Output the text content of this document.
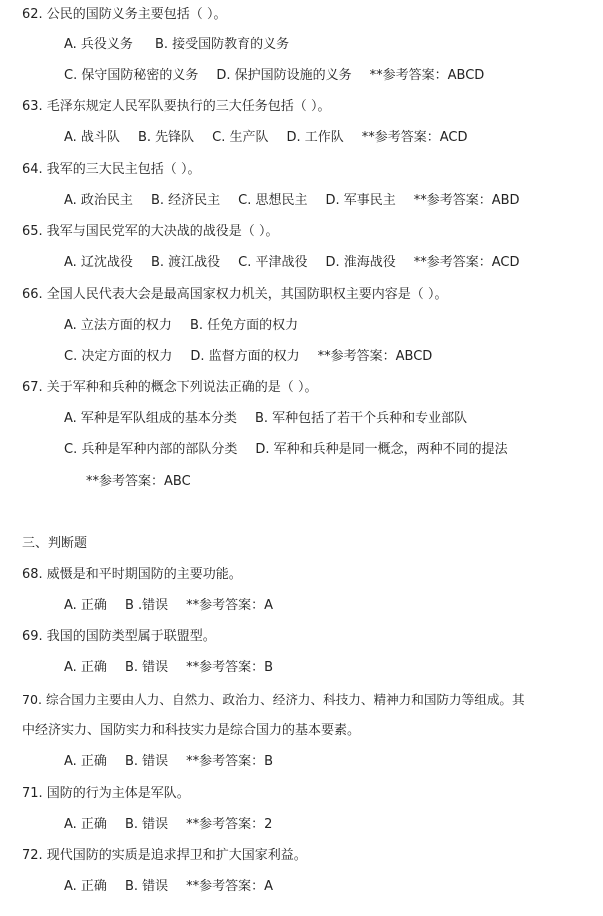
62. 公民的国防义务主要包括（ ）。
A. 兵役义务 B. 接受国防教育的义务
C. 保守国防秘密的义务 D. 保护国防设施的义务 **参考答案：ABCD
63. 毛泽东规定人民军队要执行的三大任务包括（ ）。
A. 战斗队 B. 先锋队 C. 生产队 D. 工作队 **参考答案：ACD
64. 我军的三大民主包括（ ）。
A. 政治民主 B. 经济民主 C. 思想民主 D. 军事民主 **参考答案：ABD
65. 我军与国民党军的大决战的战役是（ ）。
A. 辽沈战役 B. 渡江战役 C. 平津战役 D. 淮海战役 **参考答案：ACD
66. 全国人民代表大会是最高国家权力机关，其国防职权主要内容是（ ）。
A. 立法方面的权力 B. 任免方面的权力
C. 决定方面的权力 D. 监督方面的权力 **参考答案：ABCD
67. 关于军种和兵种的概念下列说法正确的是（ ）。
A. 军种是军队组成的基本分类 B. 军种包括了若干个兵种和专业部队
C. 兵种是军种内部的部队分类 D. 军种和兵种是同一概念，两种不同的提法
**参考答案：ABC
三、判断题
68. 威慑是和平时期国防的主要功能。
A. 正确 B .错误 **参考答案：A
69. 我国的国防类型属于联盟型。
A. 正确 B. 错误 **参考答案：B
70. 综合国力主要由人力、自然力、政治力、经济力、科技力、精神力和国防力等组成。其
中经济实力、国防实力和科技实力是综合国力的基本要素。
A. 正确 B. 错误 **参考答案：B
71. 国防的行为主体是军队。
A. 正确 B. 错误 **参考答案：2
72. 现代国防的实质是追求捍卫和扩大国家利益。
A. 正确 B. 错误 **参考答案：A
